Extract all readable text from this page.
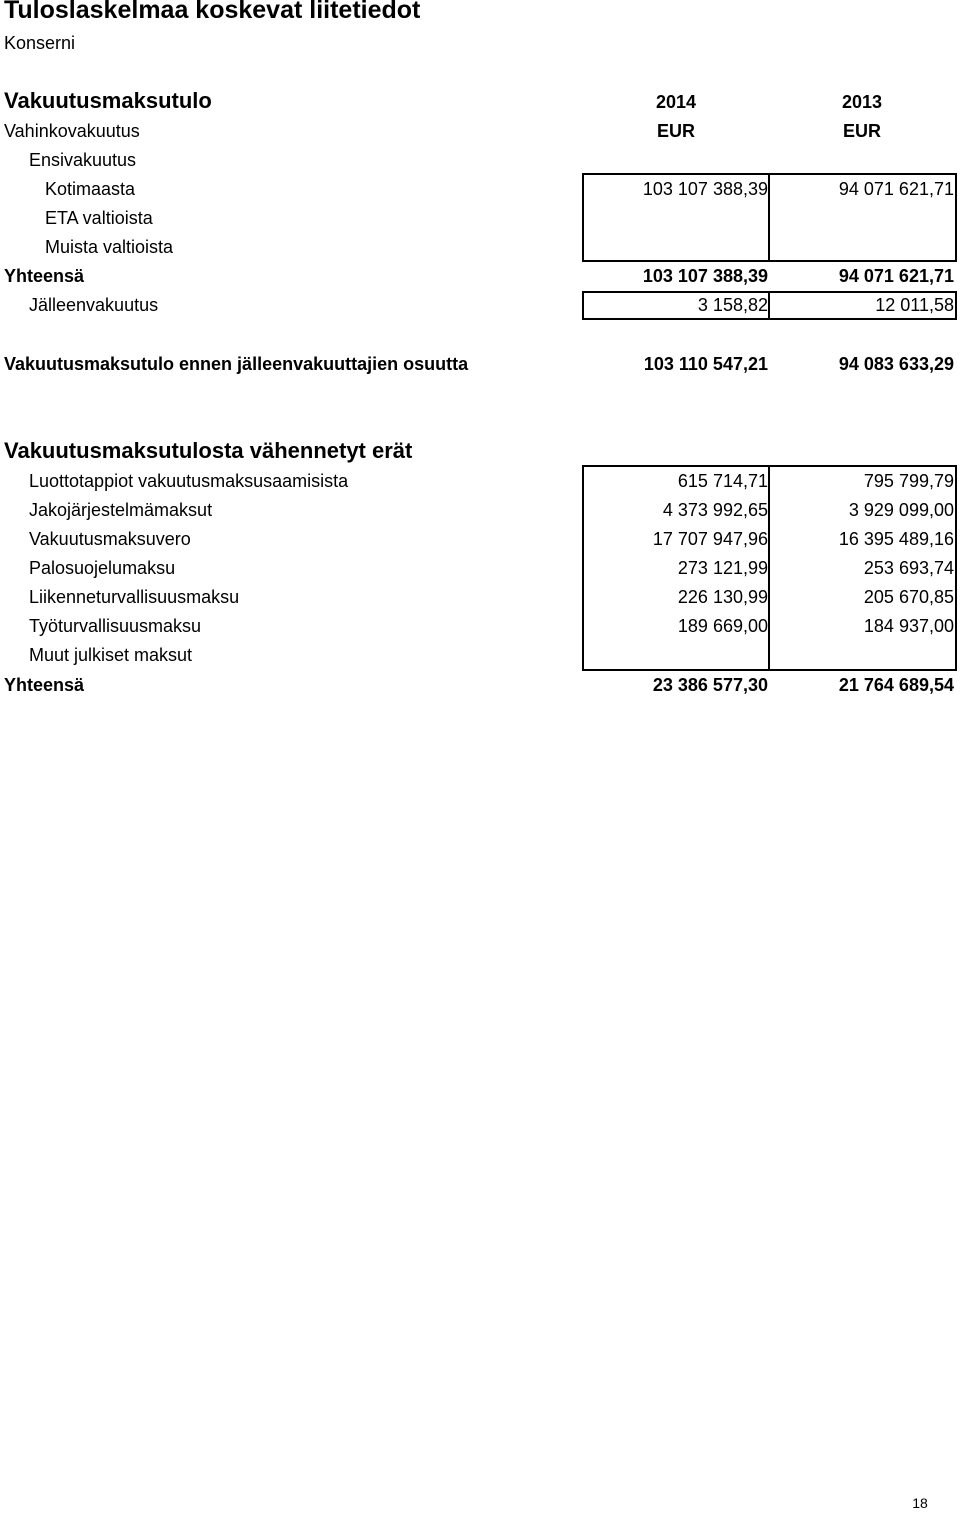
Tuloslaskelmaa koskevat liitetiedot
Konserni
Vakuutusmaksutulo	2014	2013
Vahinkovakuutus	EUR	EUR
Ensivakuutus
Kotimaasta	103 107 388,39	94 071 621,71
ETA valtioista
Muista valtioista
Yhteensä	103 107 388,39	94 071 621,71
Jälleenvakuutus	3 158,82	12 011,58
Vakuutusmaksutulo ennen jälleenvakuuttajien osuutta	103 110 547,21	94 083 633,29
Vakuutusmaksutulosta vähennetyt erät
Luottotappiot vakuutusmaksusaamisista	615 714,71	795 799,79
Jakojärjestelmämaksut	4 373 992,65	3 929 099,00
Vakuutusmaksuvero	17 707 947,96	16 395 489,16
Palosuojelumaksu	273 121,99	253 693,74
Liikenneturvallisuusmaksu	226 130,99	205 670,85
Työturvallisuusmaksu	189 669,00	184 937,00
Muut julkiset maksut
Yhteensä	23 386 577,30	21 764 689,54
18
